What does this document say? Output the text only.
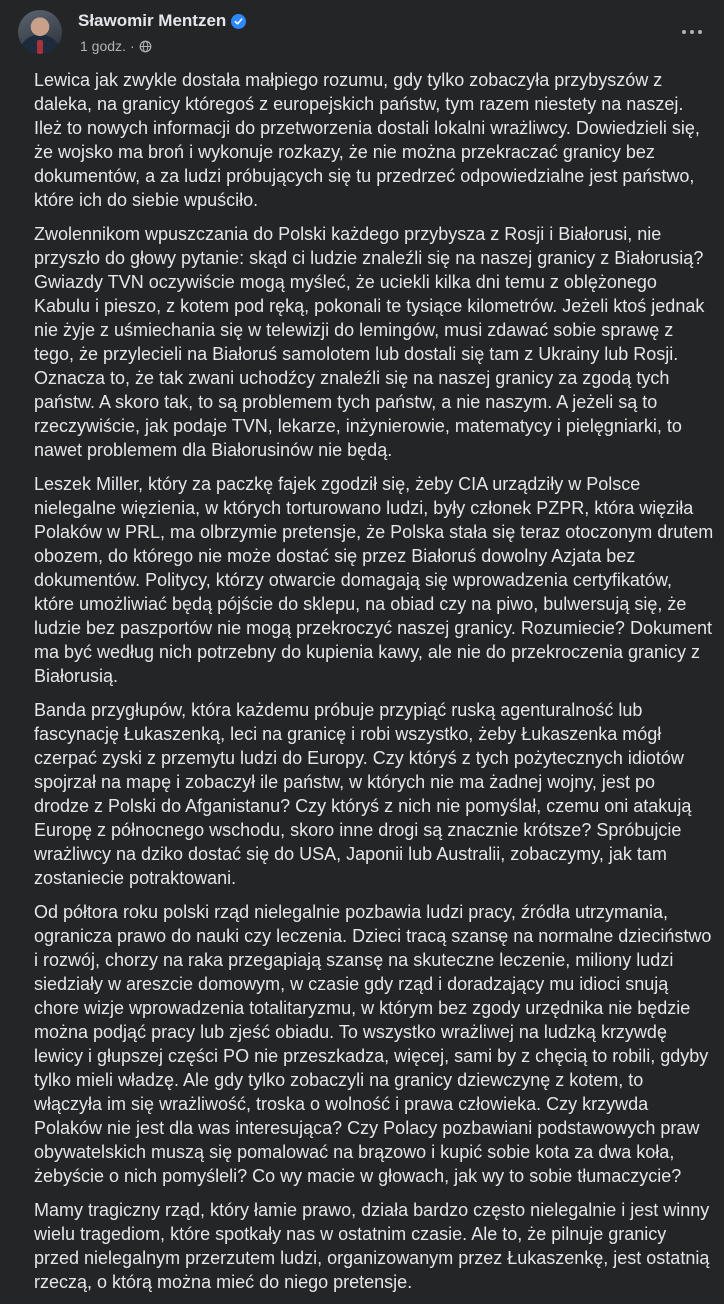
Sławomir Mentzen
1 godz. ·

Lewica jak zwykle dostała małpiego rozumu, gdy tylko zobaczyła przybyszów z daleka, na granicy któregoś z europejskich państw, tym razem niestety na naszej. Ileż to nowych informacji do przetworzenia dostali lokalni wrażliwcy. Dowiedzieli się, że wojsko ma broń i wykonuje rozkazy, że nie można przekraczać granicy bez dokumentów, a za ludzi próbujących się tu przedrzeć odpowiedzialne jest państwo, które ich do siebie wpuściło.

Zwolennikom wpuszczania do Polski każdego przybysza z Rosji i Białorusi, nie przyszło do głowy pytanie: skąd ci ludzie znaleźli się na naszej granicy z Białorusią? Gwiazdy TVN oczywiście mogą myśleć, że uciekli kilka dni temu z oblężonego Kabulu i pieszo, z kotem pod ręką, pokonali te tysiące kilometrów. Jeżeli ktoś jednak nie żyje z uśmiechania się w telewizji do lemingów, musi zdawać sobie sprawę z tego, że przylecieli na Białoruś samolotem lub dostali się tam z Ukrainy lub Rosji. Oznacza to, że tak zwani uchodźcy znaleźli się na naszej granicy za zgodą tych państw. A skoro tak, to są problemem tych państw, a nie naszym. A jeżeli są to rzeczywiście, jak podaje TVN, lekarze, inżynierowie, matematycy i pielęgniarki, to nawet problemem dla Białorusinów nie będą.

Leszek Miller, który za paczkę fajek zgodził się, żeby CIA urządziły w Polsce nielegalne więzienia, w których torturowano ludzi, były członek PZPR, która więziła Polaków w PRL, ma olbrzymie pretensje, że Polska stała się teraz otoczonym drutem obozem, do którego nie może dostać się przez Białoruś dowolny Azjata bez dokumentów. Politycy, którzy otwarcie domagają się wprowadzenia certyfikatów, które umożliwiać będą pójście do sklepu, na obiad czy na piwo, bulwersują się, że ludzie bez paszportów nie mogą przekroczyć naszej granicy. Rozumiecie? Dokument ma być według nich potrzebny do kupienia kawy, ale nie do przekroczenia granicy z Białorusią.

Banda przygłupów, która każdemu próbuje przypiąć ruską agenturalność lub fascynację Łukaszenką, leci na granicę i robi wszystko, żeby Łukaszenka mógł czerpać zyski z przemytu ludzi do Europy. Czy któryś z tych pożytecznych idiotów spojrzał na mapę i zobaczył ile państw, w których nie ma żadnej wojny, jest po drodze z Polski do Afganistanu? Czy któryś z nich nie pomyślał, czemu oni atakują Europę z północnego wschodu, skoro inne drogi są znacznie krótsze? Spróbujcie wrażliwcy na dziko dostać się do USA, Japonii lub Australii, zobaczymy, jak tam zostaniecie potraktowani.

Od półtora roku polski rząd nielegalnie pozbawia ludzi pracy, źródła utrzymania, ogranicza prawo do nauki czy leczenia. Dzieci tracą szansę na normalne dzieciństwo i rozwój, chorzy na raka przegapiają szansę na skuteczne leczenie, miliony ludzi siedziały w areszcie domowym, w czasie gdy rząd i doradzający mu idioci snują chore wizje wprowadzenia totalitaryzmu, w którym bez zgody urzędnika nie będzie można podjąć pracy lub zjeść obiadu. To wszystko wrażliwej na ludzką krzywdę lewicy i głupszej części PO nie przeszkadza, więcej, sami by z chęcią to robili, gdyby tylko mieli władzę. Ale gdy tylko zobaczyli na granicy dziewczynę z kotem, to włączyła im się wrażliwość, troska o wolność i prawa człowieka. Czy krzywda Polaków nie jest dla was interesująca? Czy Polacy pozbawiani podstawowych praw obywatelskich muszą się pomalować na brązowo i kupić sobie kota za dwa koła, żebyście o nich pomyśleli? Co wy macie w głowach, jak wy to sobie tłumaczycie?

Mamy tragiczny rząd, który łamie prawo, działa bardzo często nielegalnie i jest winny wielu tragediom, które spotkały nas w ostatnim czasie. Ale to, że pilnuje granicy przed nielegalnym przerzutem ludzi, organizowanym przez Łukaszenkę, jest ostatnią rzeczą, o którą można mieć do niego pretensje.
